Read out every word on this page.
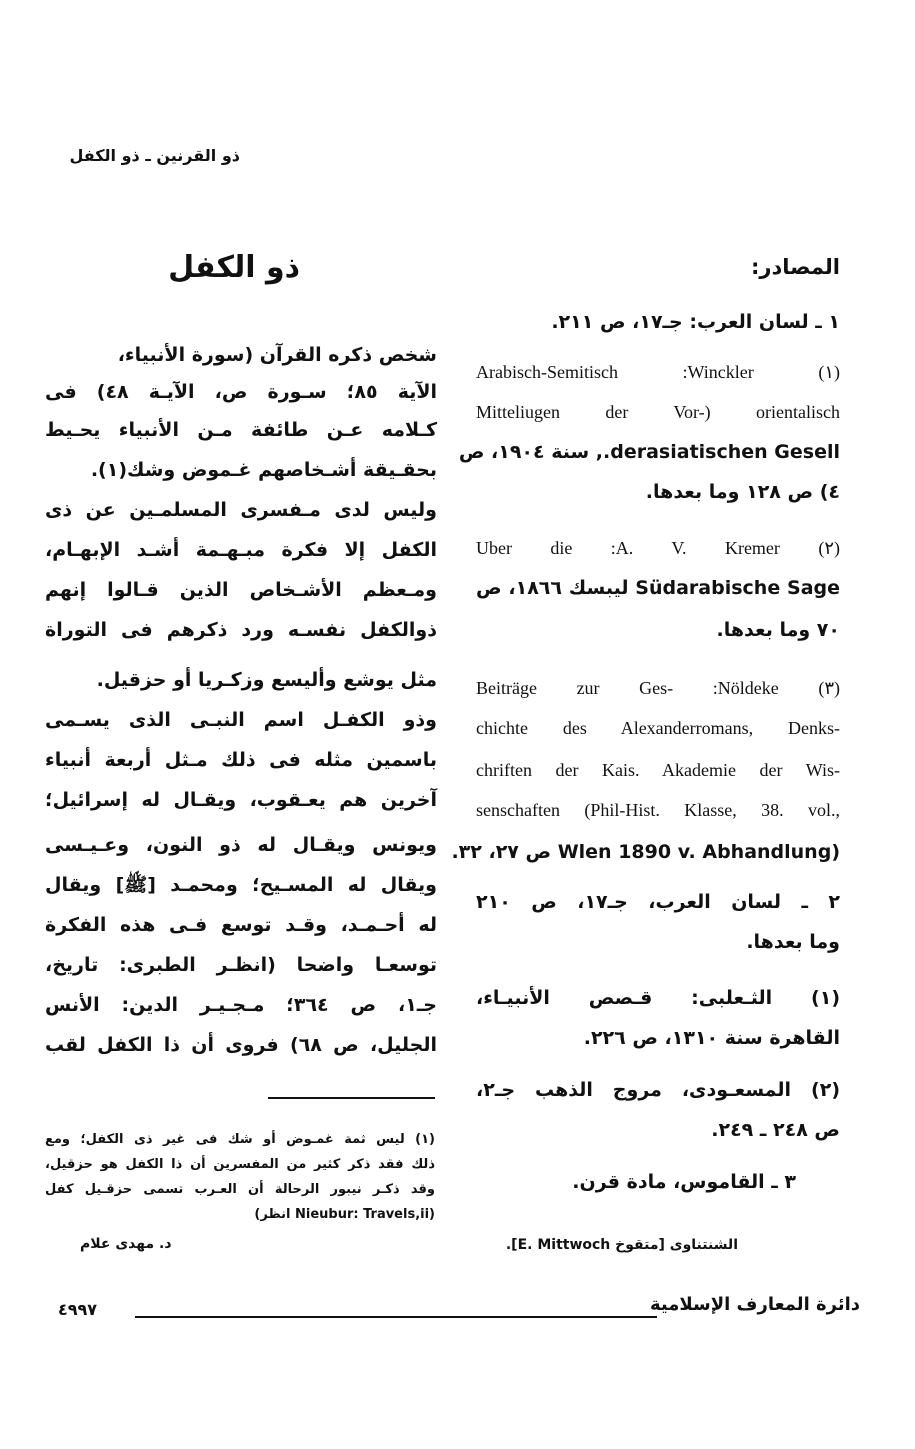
ذو القرنين ـ ذو الكفل
ذو الكفل	المصادر:
شخص ذكره القرآن (سورة الأنبياء،
الآية ٨٥؛ سـورة ص، الآيـة ٤٨) فى
كـلامه عـن طائفة مـن الأنبياء يحـيط
بحقـيقة أشـخاصهم غـموض وشك(١).
وليس لدى مـفسرى المسلمـين عن ذى
الكفل إلا فكرة مبـهـمة أشـد الإبهـام،
ومـعظم الأشـخاص الذين قـالوا إنهم
ذوالكفل نفسـه ورد ذكرهم فى التوراة
مثل يوشع وأليسع وزكـريا أو حزقيل.
وذو الكفـل اسم النبـى الذى يسـمى
باسمين مثله فى ذلك مـثل أربعة أنبياء
آخرين هم يعـقوب، ويقـال له إسرائيل؛
ويونس ويقـال له ذو النون، وعـيـسى
ويقال له المسـيح؛ ومحمـد [ﷺ] ويقال
له أحـمـد، وقـد توسع فـى هذه الفكرة
توسعـا واضحا (انظـر الطبرى: تاريخ،
جـ١، ص ٣٦٤؛ مـجـيـر الدين: الأنس
الجليل، ص ٦٨) فروى أن ذا الكفل لقب
١ ـ لسان العرب: جـ١٧، ص ٢١١.
Arabisch-Semitisch :Winckler (١)
Mitteliugen der Vor-) orientalisch
derasiatischen Gesell., سنة ١٩٠٤، ص
٤) ص ١٢٨ وما بعدها.
Uber die :A. V. Kremer (٢)
Südarabische Sage ليبسك ١٨٦٦، ص
٧٠ وما بعدها.
Beiträge zur Ges- :Nöldeke (٣)
chichte des Alexanderromans, Denks-
chriften der Kais. Akademie der Wis-
senschaften (Phil-Hist. Klasse, 38. vol.,
(Wlen 1890 v. Abhandlung ص ٢٧، ٣٢.
٢ ـ لسان العرب، جـ١٧، ص ٢١٠
وما بعدها.
(١) الثـعلبى: قـصص الأنبيـاء،
القاهرة سنة ١٣١٠، ص ٢٢٦.
(٢) المسعـودى، مروج الذهب جـ٢،
ص ٢٤٨ ـ ٢٤٩.
٣ ـ القاموس، مادة قرن.
(١) ليس ثمة غمـوض أو شك فى غير ذى الكفل؛ ومع
ذلك فقد ذكر كثير من المفسرين أن ذا الكفل هو حزقيل،
وقد ذكـر نيبور الرحالة أن العـرب تسمى حزقـيل كفل
(Nieubur: Travels,ii انظر)
د. مهدى علام	الشنتناوى [متقوخ E. Mittwoch].
دائرة المعارف الإسلامية
٤٩٩٧
